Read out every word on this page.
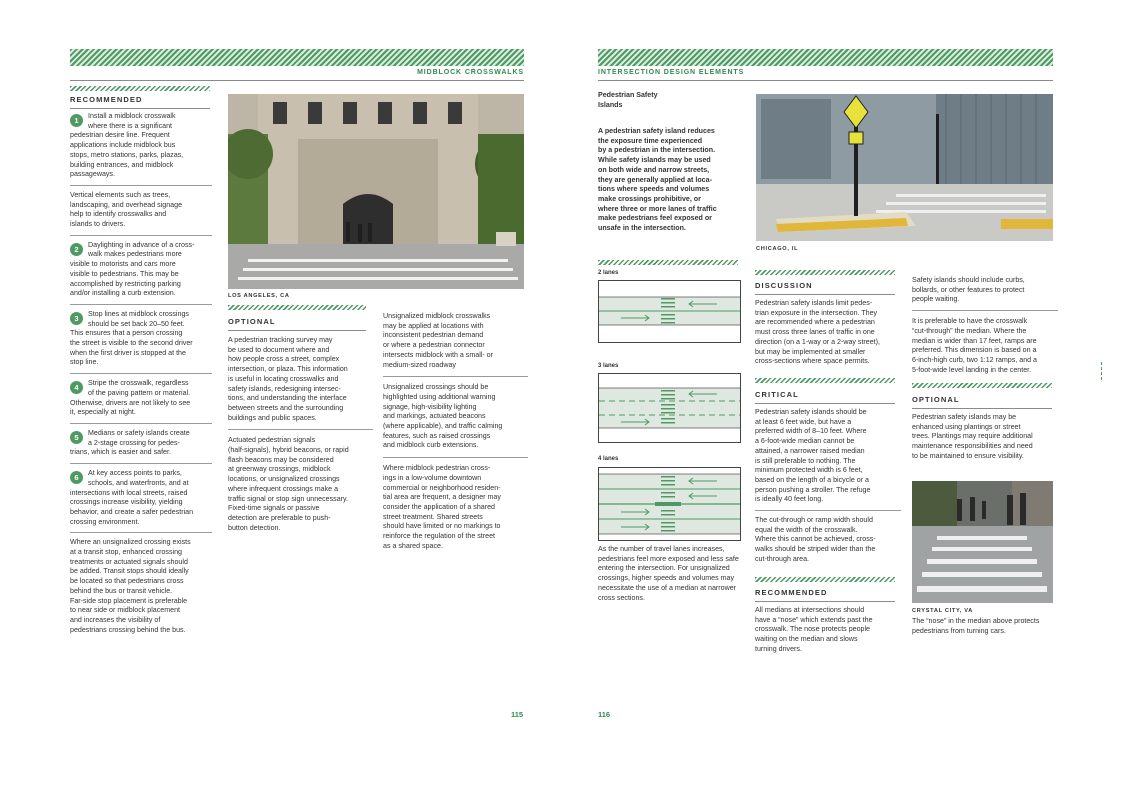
MIDBLOCK CROSSWALKS
RECOMMENDED
1	Install a midblock crosswalk
where there is a significant
pedestrian desire line. Frequent
applications include midblock bus
stops, metro stations, parks, plazas,
building entrances, and midblock
passageways.
Vertical elements such as trees,
landscaping, and overhead signage
help to identify crosswalks and
islands to drivers.
2	Daylighting in advance of a cross-
walk makes pedestrians more
visible to motorists and cars more
visible to pedestrians. This may be
accomplished by restricting parking
and/or installing a curb extension.
3	Stop lines at midblock crossings
should be set back 20–50 feet.
This ensures that a person crossing
the street is visible to the second driver
when the first driver is stopped at the
stop line.
4	Stripe the crosswalk, regardless
of the paving pattern or material.
Otherwise, drivers are not likely to see
it, especially at night.
5	Medians or safety islands create
a 2-stage crossing for pedes-
trians, which is easier and safer.
6	At key access points to parks,
schools, and waterfronts, and at
intersections with local streets, raised
crossings increase visibility, yielding
behavior, and create a safer pedestrian
crossing environment.
Where an unsignalized crossing exists
at a transit stop, enhanced crossing
treatments or actuated signals should
be added. Transit stops should ideally
be located so that pedestrians cross
behind the bus or transit vehicle.
Far-side stop placement is preferable
to near side or midblock placement
and increases the visibility of
pedestrians crossing behind the bus.
LOS ANGELES, CA
OPTIONAL
A pedestrian tracking survey may
be used to document where and
how people cross a street, complex
intersection, or plaza. This information
is useful in locating crosswalks and
safety islands, redesigning intersec-
tions, and understanding the interface
between streets and the surrounding
buildings and public spaces.
Actuated pedestrian signals
(half-signals), hybrid beacons, or rapid
flash beacons may be considered
at greenway crossings, midblock
locations, or unsignalized crossings
where infrequent crossings make a
traffic signal or stop sign unnecessary.
Fixed-time signals or passive
detection are preferable to push-
button detection.
Unsignalized midblock crosswalks
may be applied at locations with
inconsistent pedestrian demand
or where a pedestrian connector
intersects midblock with a small- or
medium-sized roadway
Unsignalized crossings should be
highlighted using additional warning
signage, high-visibility lighting
and markings, actuated beacons
(where applicable), and traffic calming
features, such as raised crossings
and midblock curb extensions.
Where midblock pedestrian cross-
ings in a low-volume downtown
commercial or neighborhood residen-
tial area are frequent, a designer may
consider the application of a shared
street treatment. Shared streets
should have limited or no markings to
reinforce the regulation of the street
as a shared space.
115
INTERSECTION DESIGN ELEMENTS
Pedestrian Safety
Islands
A pedestrian safety island reduces
the exposure time experienced
by a pedestrian in the intersection.
While safety islands may be used
on both wide and narrow streets,
they are generally applied at loca-
tions where speeds and volumes
make crossings prohibitive, or
where three or more lanes of traffic
make pedestrians feel exposed or
unsafe in the intersection.
CHICAGO, IL
2 lanes
3 lanes
4 lanes
As the number of travel lanes increases,
pedestrians feel more exposed and less safe
entering the intersection. For unsignalized
crossings, higher speeds and volumes may
necessitate the use of a median at narrower
cross sections.
DISCUSSION
Pedestrian safety islands limit pedes-
trian exposure in the intersection. They
are recommended where a pedestrian
must cross three lanes of traffic in one
direction (on a 1-way or a 2-way street),
but may be implemented at smaller
cross-sections where space permits.
CRITICAL
Pedestrian safety islands should be
at least 6 feet wide, but have a
preferred width of 8–10 feet. Where
a 6-foot-wide median cannot be
attained, a narrower raised median
is still preferable to nothing. The
minimum protected width is 6 feet,
based on the length of a bicycle or a
person pushing a stroller. The refuge
is ideally 40 feet long.
The cut-through or ramp width should
equal the width of the crosswalk.
Where this cannot be achieved, cross-
walks should be striped wider than the
cut-through area.
RECOMMENDED
All medians at intersections should
have a “nose” which extends past the
crosswalk. The nose protects people
waiting on the median and slows
turning drivers.
Safety islands should include curbs,
bollards, or other features to protect
people waiting.
It is preferable to have the crosswalk
“cut-through” the median. Where the
median is wider than 17 feet, ramps are
preferred. This dimension is based on a
6-inch-high curb, two 1:12 ramps, and a
5-foot-wide level landing in the center.
OPTIONAL
Pedestrian safety islands may be
enhanced using plantings or street
trees. Plantings may require additional
maintenance responsibilities and need
to be maintained to ensure visibility.
CRYSTAL CITY, VA
The “nose” in the median above protects
pedestrians from turning cars.
116
